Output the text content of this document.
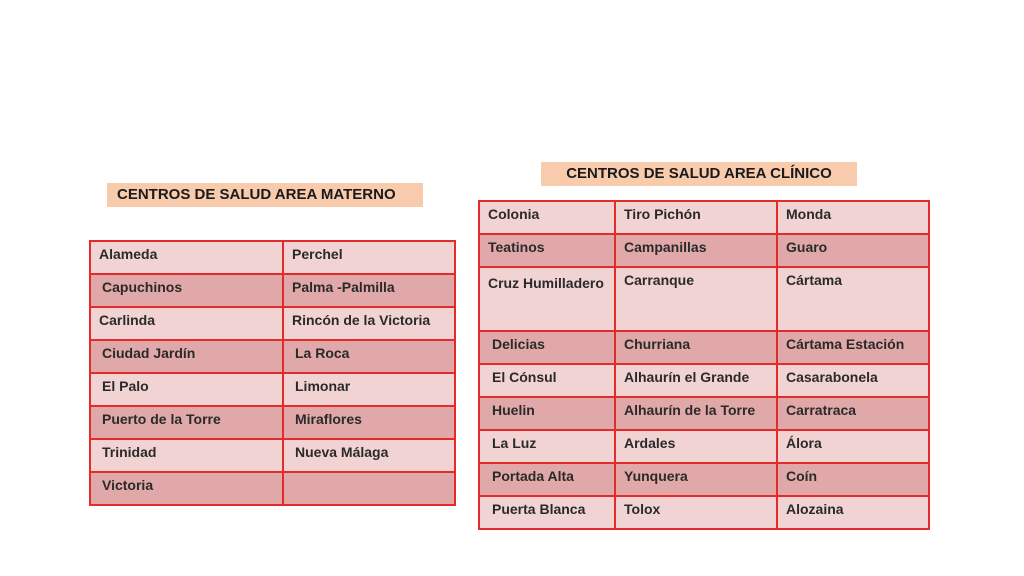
CENTROS DE SALUD AREA MATERNO
Alameda	Perchel
Capuchinos	Palma -Palmilla
Carlinda	Rincón de la Victoria
Ciudad Jardín	La Roca
El Palo	Limonar
Puerto de la Torre	Miraflores
Trinidad	Nueva Málaga
Victoria	
CENTROS DE SALUD AREA CLÍNICO
Colonia	Tiro Pichón	Monda
Teatinos	Campanillas	Guaro
Cruz Humilladero	Carranque	Cártama
Delicias	Churriana	Cártama Estación
El Cónsul	Alhaurín el Grande	Casarabonela
Huelin	Alhaurín de la Torre	Carratraca
La Luz	Ardales	Álora
Portada Alta	Yunquera	Coín
Puerta Blanca	Tolox	Alozaina
